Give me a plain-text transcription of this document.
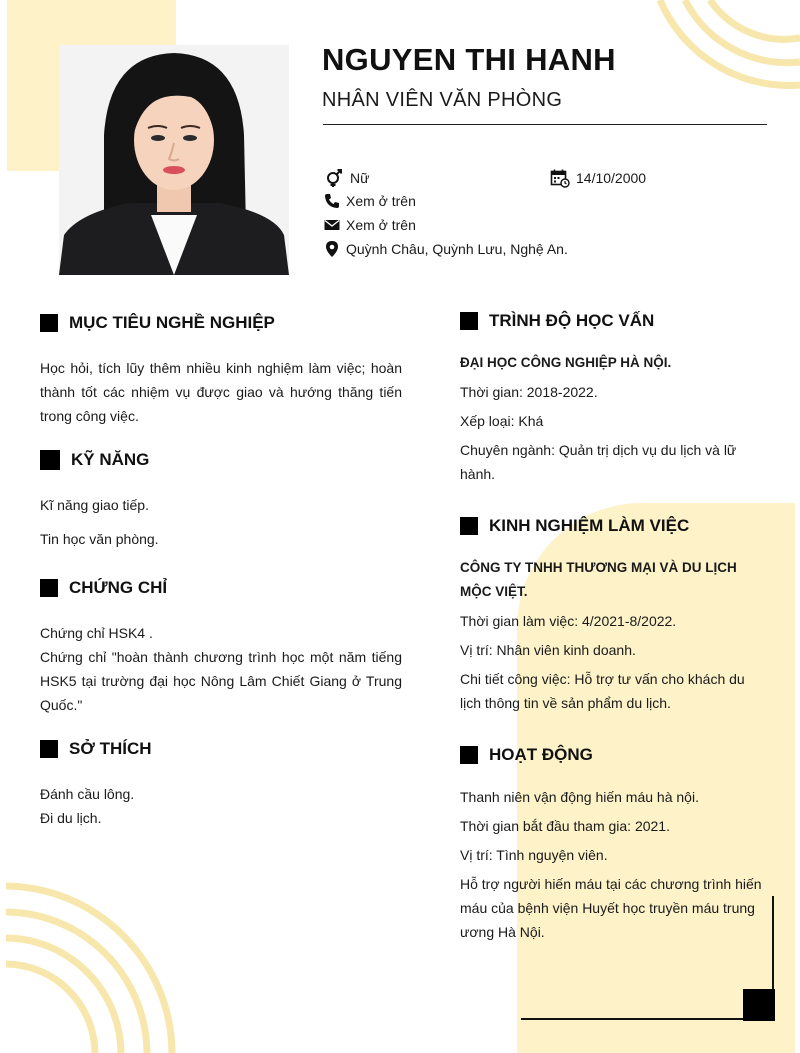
NGUYEN THI HANH
NHÂN VIÊN VĂN PHÒNG
Nữ	14/10/2000
Xem ở trên
Xem ở trên
Quỳnh Châu, Quỳnh Lưu, Nghệ An.
MỤC TIÊU NGHỀ NGHIỆP
Học hỏi, tích lũy thêm nhiều kinh nghiệm làm việc; hoàn thành tốt các nhiệm vụ được giao và hướng thăng tiến trong công việc.
KỸ NĂNG
Kĩ năng giao tiếp.
Tin học văn phòng.
CHỨNG CHỈ
Chứng chỉ HSK4 .
Chứng chỉ "hoàn thành chương trình học một năm tiếng HSK5 tại trường đại học Nông Lâm Chiết Giang ở Trung Quốc."
SỞ THÍCH
Đánh cầu lông.
Đi du lịch.
TRÌNH ĐỘ HỌC VẤN
ĐẠI HỌC CÔNG NGHIỆP HÀ NỘI.
Thời gian: 2018-2022.
Xếp loại: Khá
Chuyên ngành: Quản trị dịch vụ du lịch và lữ hành.
KINH NGHIỆM LÀM VIỆC
CÔNG TY TNHH THƯƠNG MẠI VÀ DU LỊCH MỘC VIỆT.
Thời gian làm việc: 4/2021-8/2022.
Vị trí: Nhân viên kinh doanh.
Chi tiết công việc: Hỗ trợ tư vấn cho khách du lịch thông tin về sản phẩm du lịch.
HOẠT ĐỘNG
Thanh niên vận động hiến máu hà nội.
Thời gian bắt đầu tham gia: 2021.
Vị trí: Tình nguyện viên.
Hỗ trợ người hiến máu tại các chương trình hiến máu của bệnh viện Huyết học truyền máu trung ương Hà Nội.
